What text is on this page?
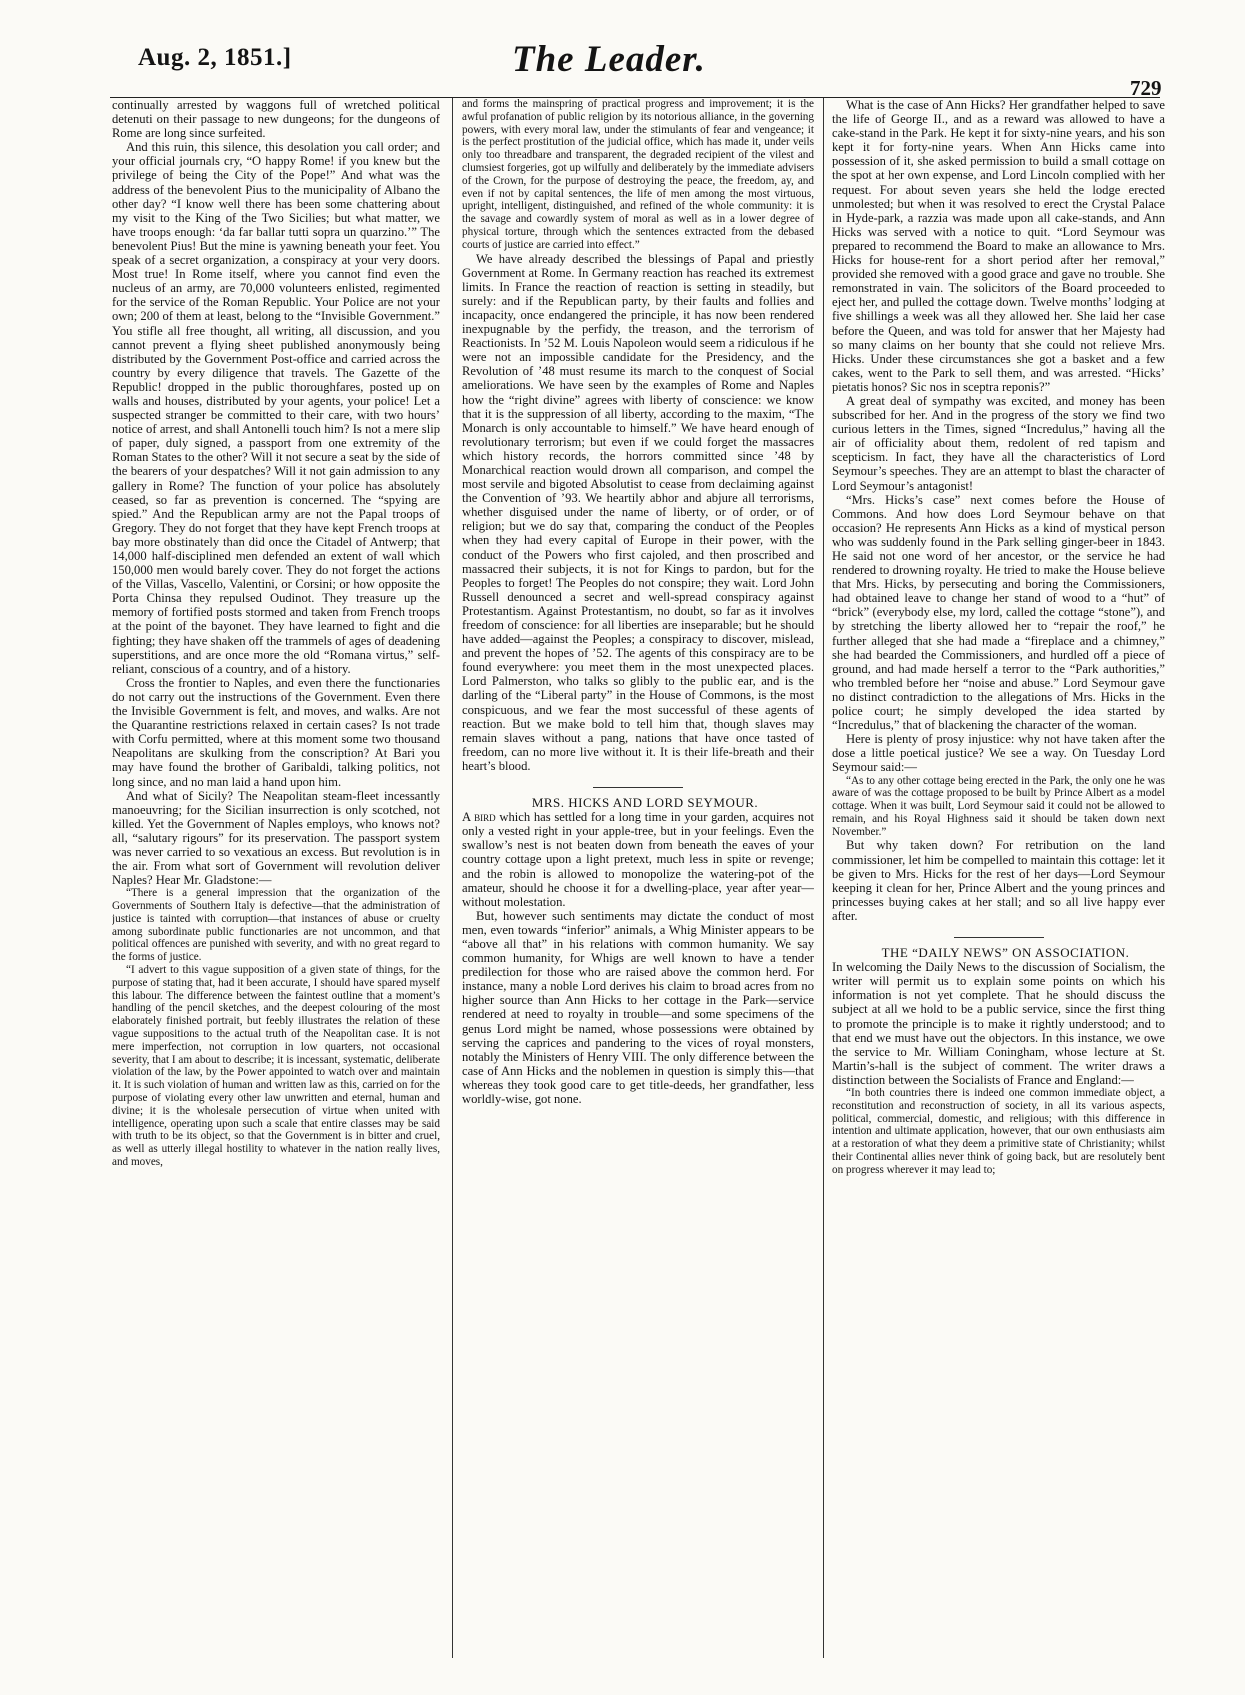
Aug. 2, 1851.]	The Leader.
729

continually arrested by waggons full of wretched political detenuti on their passage to new dungeons; for the dungeons of Rome are long since surfeited.

And this ruin, this silence, this desolation you call order; and your official journals cry, “O happy Rome! if you knew but the privilege of being the City of the Pope!” And what was the address of the benevolent Pius to the municipality of Albano the other day? “I know well there has been some chattering about my visit to the King of the Two Sicilies; but what matter, we have troops enough: ‘da far ballar tutti sopra un quarzino.’” The benevolent Pius! But the mine is yawning beneath your feet. You speak of a secret organization, a conspiracy at your very doors. Most true! In Rome itself, where you cannot find even the nucleus of an army, are 70,000 volunteers enlisted, regimented for the service of the Roman Republic. Your Police are not your own; 200 of them at least, belong to the “Invisible Government.” You stifle all free thought, all writing, all discussion, and you cannot prevent a flying sheet published anonymously being distributed by the Government Post-office and carried across the country by every diligence that travels. The Gazette of the Republic! dropped in the public thoroughfares, posted up on walls and houses, distributed by your agents, your police! Let a suspected stranger be committed to their care, with two hours’ notice of arrest, and shall Antonelli touch him? Is not a mere slip of paper, duly signed, a passport from one extremity of the Roman States to the other? Will it not secure a seat by the side of the bearers of your despatches? Will it not gain admission to any gallery in Rome? The function of your police has absolutely ceased, so far as prevention is concerned. The “spying are spied.” And the Republican army are not the Papal troops of Gregory. They do not forget that they have kept French troops at bay more obstinately than did once the Citadel of Antwerp; that 14,000 half-disciplined men defended an extent of wall which 150,000 men would barely cover. They do not forget the actions of the Villas, Vascello, Valentini, or Corsini; or how opposite the Porta Chinsa they repulsed Oudinot. They treasure up the memory of fortified posts stormed and taken from French troops at the point of the bayonet. They have learned to fight and die fighting; they have shaken off the trammels of ages of deadening superstitions, and are once more the old “Romana virtus,” self-reliant, conscious of a country, and of a history.

Cross the frontier to Naples, and even there the functionaries do not carry out the instructions of the Government. Even there the Invisible Government is felt, and moves, and walks. Are not the Quarantine restrictions relaxed in certain cases? Is not trade with Corfu permitted, where at this moment some two thousand Neapolitans are skulking from the conscription? At Bari you may have found the brother of Garibaldi, talking politics, not long since, and no man laid a hand upon him.

And what of Sicily? The Neapolitan steam-fleet incessantly manoeuvring; for the Sicilian insurrection is only scotched, not killed. Yet the Government of Naples employs, who knows not? all, “salutary rigours” for its preservation. The passport system was never carried to so vexatious an excess. But revolution is in the air. From what sort of Government will revolution deliver Naples? Hear Mr. Gladstone:—

“There is a general impression that the organization of the Governments of Southern Italy is defective—that the administration of justice is tainted with corruption—that instances of abuse or cruelty among subordinate public functionaries are not uncommon, and that political offences are punished with severity, and with no great regard to the forms of justice.

“I advert to this vague supposition of a given state of things, for the purpose of stating that, had it been accurate, I should have spared myself this labour. The difference between the faintest outline that a moment’s handling of the pencil sketches, and the deepest colouring of the most elaborately finished portrait, but feebly illustrates the relation of these vague suppositions to the actual truth of the Neapolitan case. It is not mere imperfection, not corruption in low quarters, not occasional severity, that I am about to describe; it is incessant, systematic, deliberate violation of the law, by the Power appointed to watch over and maintain it. It is such violation of human and written law as this, carried on for the purpose of violating every other law unwritten and eternal, human and divine; it is the wholesale persecution of virtue when united with intelligence, operating upon such a scale that entire classes may be said with truth to be its object, so that the Government is in bitter and cruel, as well as utterly illegal hostility to whatever in the nation really lives, and moves,

and forms the mainspring of practical progress and improvement; it is the awful profanation of public religion by its notorious alliance, in the governing powers, with every moral law, under the stimulants of fear and vengeance; it is the perfect prostitution of the judicial office, which has made it, under veils only too threadbare and transparent, the degraded recipient of the vilest and clumsiest forgeries, got up wilfully and deliberately by the immediate advisers of the Crown, for the purpose of destroying the peace, the freedom, ay, and even if not by capital sentences, the life of men among the most virtuous, upright, intelligent, distinguished, and refined of the whole community: it is the savage and cowardly system of moral as well as in a lower degree of physical torture, through which the sentences extracted from the debased courts of justice are carried into effect.”

We have already described the blessings of Papal and priestly Government at Rome. In Germany reaction has reached its extremest limits. In France the reaction of reaction is setting in steadily, but surely: and if the Republican party, by their faults and follies and incapacity, once endangered the principle, it has now been rendered inexpugnable by the perfidy, the treason, and the terrorism of Reactionists. In ’52 M. Louis Napoleon would seem a ridiculous if he were not an impossible candidate for the Presidency, and the Revolution of ’48 must resume its march to the conquest of Social ameliorations. We have seen by the examples of Rome and Naples how the “right divine” agrees with liberty of conscience: we know that it is the suppression of all liberty, according to the maxim, “The Monarch is only accountable to himself.” We have heard enough of revolutionary terrorism; but even if we could forget the massacres which history records, the horrors committed since ’48 by Monarchical reaction would drown all comparison, and compel the most servile and bigoted Absolutist to cease from declaiming against the Convention of ’93. We heartily abhor and abjure all terrorisms, whether disguised under the name of liberty, or of order, or of religion; but we do say that, comparing the conduct of the Peoples when they had every capital of Europe in their power, with the conduct of the Powers who first cajoled, and then proscribed and massacred their subjects, it is not for Kings to pardon, but for the Peoples to forget! The Peoples do not conspire; they wait. Lord John Russell denounced a secret and well-spread conspiracy against Protestantism. Against Protestantism, no doubt, so far as it involves freedom of conscience: for all liberties are inseparable; but he should have added—against the Peoples; a conspiracy to discover, mislead, and prevent the hopes of ’52. The agents of this conspiracy are to be found everywhere: you meet them in the most unexpected places. Lord Palmerston, who talks so glibly to the public ear, and is the darling of the “Liberal party” in the House of Commons, is the most conspicuous, and we fear the most successful of these agents of reaction. But we make bold to tell him that, though slaves may remain slaves without a pang, nations that have once tasted of freedom, can no more live without it. It is their life-breath and their heart’s blood.

MRS. HICKS AND LORD SEYMOUR.

A bird which has settled for a long time in your garden, acquires not only a vested right in your apple-tree, but in your feelings. Even the swallow’s nest is not beaten down from beneath the eaves of your country cottage upon a light pretext, much less in spite or revenge; and the robin is allowed to monopolize the watering-pot of the amateur, should he choose it for a dwelling-place, year after year—without molestation.

But, however such sentiments may dictate the conduct of most men, even towards “inferior” animals, a Whig Minister appears to be “above all that” in his relations with common humanity. We say common humanity, for Whigs are well known to have a tender predilection for those who are raised above the common herd. For instance, many a noble Lord derives his claim to broad acres from no higher source than Ann Hicks to her cottage in the Park—service rendered at need to royalty in trouble—and some specimens of the genus Lord might be named, whose possessions were obtained by serving the caprices and pandering to the vices of royal monsters, notably the Ministers of Henry VIII. The only difference between the case of Ann Hicks and the noblemen in question is simply this—that whereas they took good care to get title-deeds, her grandfather, less worldly-wise, got none.

What is the case of Ann Hicks? Her grandfather helped to save the life of George II., and as a reward was allowed to have a cake-stand in the Park. He kept it for sixty-nine years, and his son kept it for forty-nine years. When Ann Hicks came into possession of it, she asked permission to build a small cottage on the spot at her own expense, and Lord Lincoln complied with her request. For about seven years she held the lodge erected unmolested; but when it was resolved to erect the Crystal Palace in Hyde-park, a razzia was made upon all cake-stands, and Ann Hicks was served with a notice to quit. “Lord Seymour was prepared to recommend the Board to make an allowance to Mrs. Hicks for house-rent for a short period after her removal,” provided she removed with a good grace and gave no trouble. She remonstrated in vain. The solicitors of the Board proceeded to eject her, and pulled the cottage down. Twelve months’ lodging at five shillings a week was all they allowed her. She laid her case before the Queen, and was told for answer that her Majesty had so many claims on her bounty that she could not relieve Mrs. Hicks. Under these circumstances she got a basket and a few cakes, went to the Park to sell them, and was arrested. “Hicks’ pietatis honos? Sic nos in sceptra reponis?”

A great deal of sympathy was excited, and money has been subscribed for her. And in the progress of the story we find two curious letters in the Times, signed “Incredulus,” having all the air of officiality about them, redolent of red tapism and scepticism. In fact, they have all the characteristics of Lord Seymour’s speeches. They are an attempt to blast the character of Lord Seymour’s antagonist!

“Mrs. Hicks’s case” next comes before the House of Commons. And how does Lord Seymour behave on that occasion? He represents Ann Hicks as a kind of mystical person who was suddenly found in the Park selling ginger-beer in 1843. He said not one word of her ancestor, or the service he had rendered to drowning royalty. He tried to make the House believe that Mrs. Hicks, by persecuting and boring the Commissioners, had obtained leave to change her stand of wood to a “hut” of “brick” (everybody else, my lord, called the cottage “stone”), and by stretching the liberty allowed her to “repair the roof,” he further alleged that she had made a “fireplace and a chimney,” she had bearded the Commissioners, and hurdled off a piece of ground, and had made herself a terror to the “Park authorities,” who trembled before her “noise and abuse.” Lord Seymour gave no distinct contradiction to the allegations of Mrs. Hicks in the police court; he simply developed the idea started by “Incredulus,” that of blackening the character of the woman.

Here is plenty of prosy injustice: why not have taken after the dose a little poetical justice? We see a way. On Tuesday Lord Seymour said:—

“As to any other cottage being erected in the Park, the only one he was aware of was the cottage proposed to be built by Prince Albert as a model cottage. When it was built, Lord Seymour said it could not be allowed to remain, and his Royal Highness said it should be taken down next November.”

But why taken down? For retribution on the land commissioner, let him be compelled to maintain this cottage: let it be given to Mrs. Hicks for the rest of her days—Lord Seymour keeping it clean for her, Prince Albert and the young princes and princesses buying cakes at her stall; and so all live happy ever after.

THE “DAILY NEWS” ON ASSOCIATION.

In welcoming the Daily News to the discussion of Socialism, the writer will permit us to explain some points on which his information is not yet complete. That he should discuss the subject at all we hold to be a public service, since the first thing to promote the principle is to make it rightly understood; and to that end we must have out the objectors. In this instance, we owe the service to Mr. William Coningham, whose lecture at St. Martin’s-hall is the subject of comment. The writer draws a distinction between the Socialists of France and England:—

“In both countries there is indeed one common immediate object, a reconstitution and reconstruction of society, in all its various aspects, political, commercial, domestic, and religious; with this difference in intention and ultimate application, however, that our own enthusiasts aim at a restoration of what they deem a primitive state of Christianity; whilst their Continental allies never think of going back, but are resolutely bent on progress wherever it may lead to;
